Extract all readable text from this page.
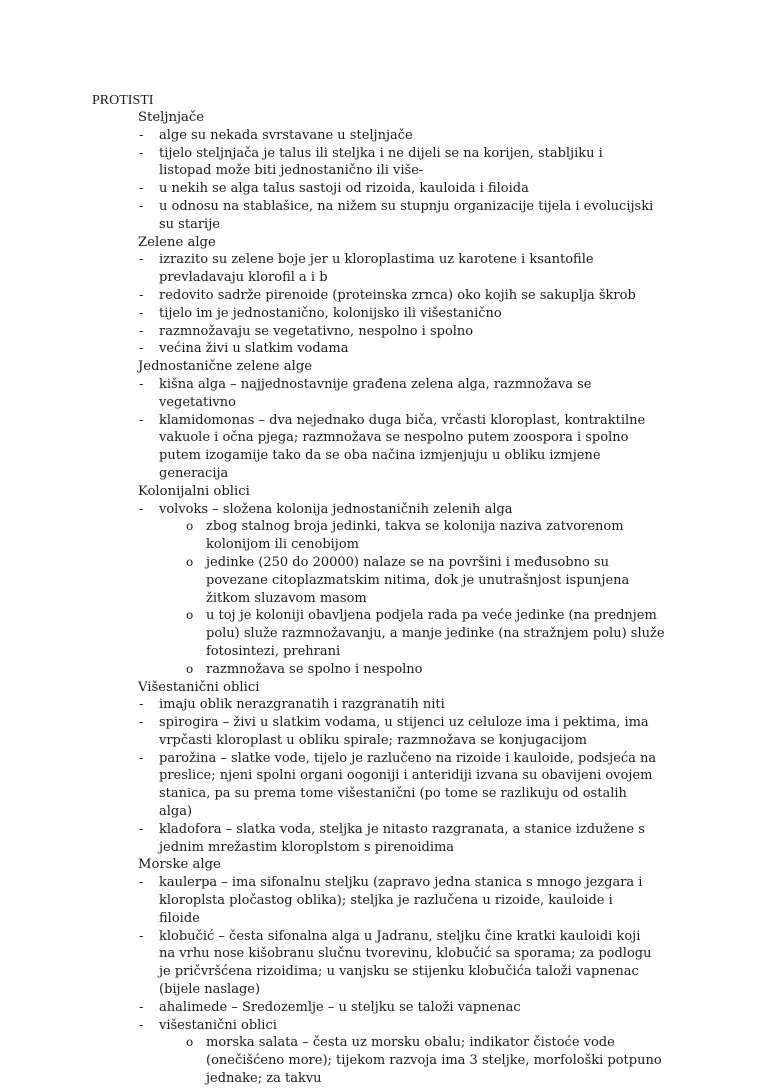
PROTISTI
Steljnjače
- alge su nekada svrstavane u steljnjače
- tijelo steljnjača je talus ili steljka i ne dijeli se na korijen, stabljiku i listopad može biti jednostanično ili više-
- u nekih se alga talus sastoji od rizoida, kauloida i filoida
- u odnosu na stablašice, na nižem su stupnju organizacije tijela i evolucijski su starije
Zelene alge
- izrazito su zelene boje jer u kloroplastima uz karotene i ksantofile prevladavaju klorofil a i b
- redovito sadrže pirenoide (proteinska zrnca) oko kojih se sakuplja škrob
- tijelo im je jednostanično, kolonijsko ili višestanično
- razmnožavaju se vegetativno, nespolno i spolno
- većina živi u slatkim vodama
Jednostanične zelene alge
- kišna alga – najjednostavnije građena zelena alga, razmnožava se vegetativno
- klamidomonas – dva nejednako duga biča, vrčasti kloroplast, kontraktilne vakuole i očna pjega; razmnožava se nespolno putem zoospora i spolno putem izogamije tako da se oba načina izmjenjuju u obliku izmjene generacija
Kolonijalni oblici
- volvoks – složena kolonija jednostaničnih zelenih alga
o zbog stalnog broja jedinki, takva se kolonija naziva zatvorenom kolonijom ili cenobijom
o jedinke (250 do 20000) nalaze se na površini i međusobno su povezane citoplazmatskim nitima, dok je unutrašnjost ispunjena žitkom sluzavom masom
o u toj je koloniji obavljena podjela rada pa veće jedinke (na prednjem polu) služe razmnožavanju, a manje jedinke (na stražnjem polu) služe fotosintezi, prehrani
o razmnožava se spolno i nespolno
Višestanični oblici
- imaju oblik nerazgranatih i razgranatih niti
- spirogira – živi u slatkim vodama, u stijenci uz celuloze ima i pektima, ima vrpčasti kloroplast u obliku spirale; razmnožava se konjugacijom
- parožina – slatke vode, tijelo je razlučeno na rizoide i kauloide, podsjeća na preslice; njeni spolni organi oogoniji i anteridiji izvana su obavijeni ovojem stanica, pa su prema tome višestanični (po tome se razlikuju od ostalih alga)
- kladofora – slatka voda, steljka je nitasto razgranata, a stanice izdužene s jednim mrežastim kloroplstom s pirenoidima
Morske alge
- kaulerpa – ima sifonalnu steljku (zapravo jedna stanica s mnogo jezgara i kloroplsta pločastog oblika); steljka je razlučena u rizoide, kauloide i filoide
- klobučić – česta sifonalna alga u Jadranu, steljku čine kratki kauloidi koji na vrhu nose kišobranu slučnu tvorevinu, klobučić sa sporama; za podlogu je pričvršćena rizoidima; u vanjsku se stijenku klobučića taloži vapnenac (bijele naslage)
- ahalimede – Sredozemlje – u steljku se taloži vapnenac
- višestanični oblici
o morska salata – česta uz morsku obalu; indikator čistoće vode (onečišćeno more); tijekom razvoja ima 3 steljke, morfološki potpuno jednake; za takvu
